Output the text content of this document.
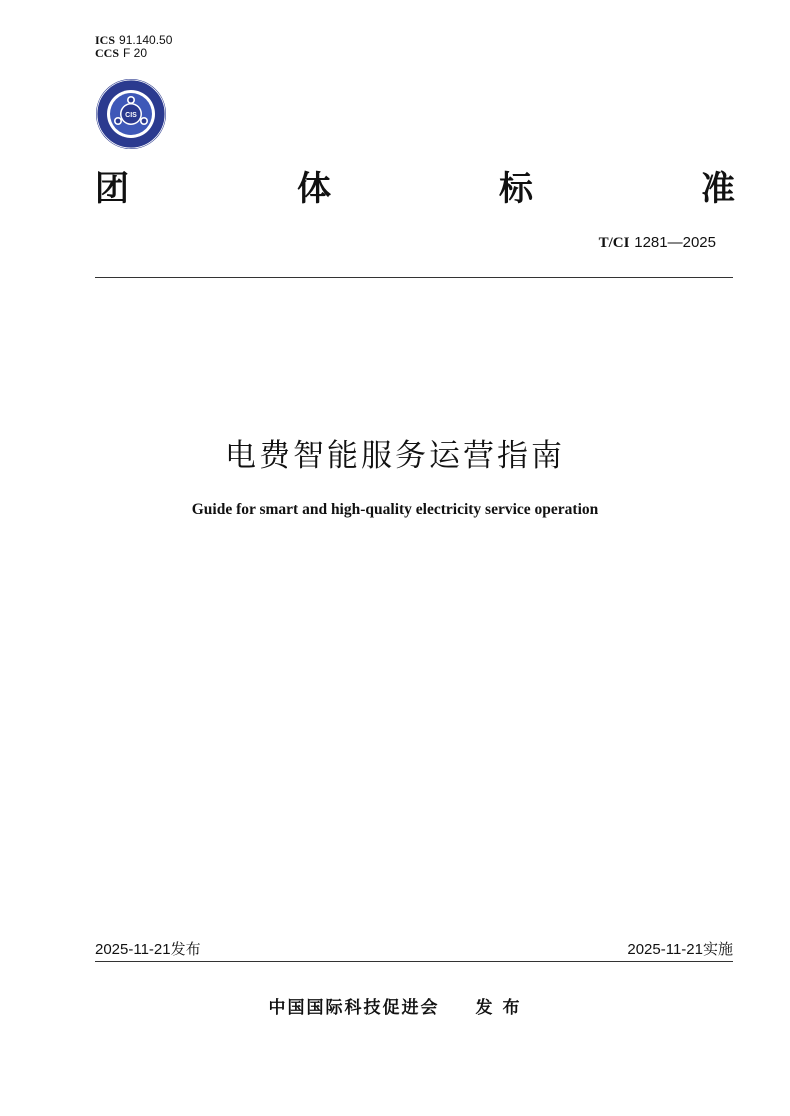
ICS 91.140.50
CCS F 20
CIS
团	体	标	准
T/CI 1281—2025
电费智能服务运营指南
Guide for smart and high-quality electricity service operation
2025-11-21发布	2025-11-21实施
中国国际科技促进会 发 布
